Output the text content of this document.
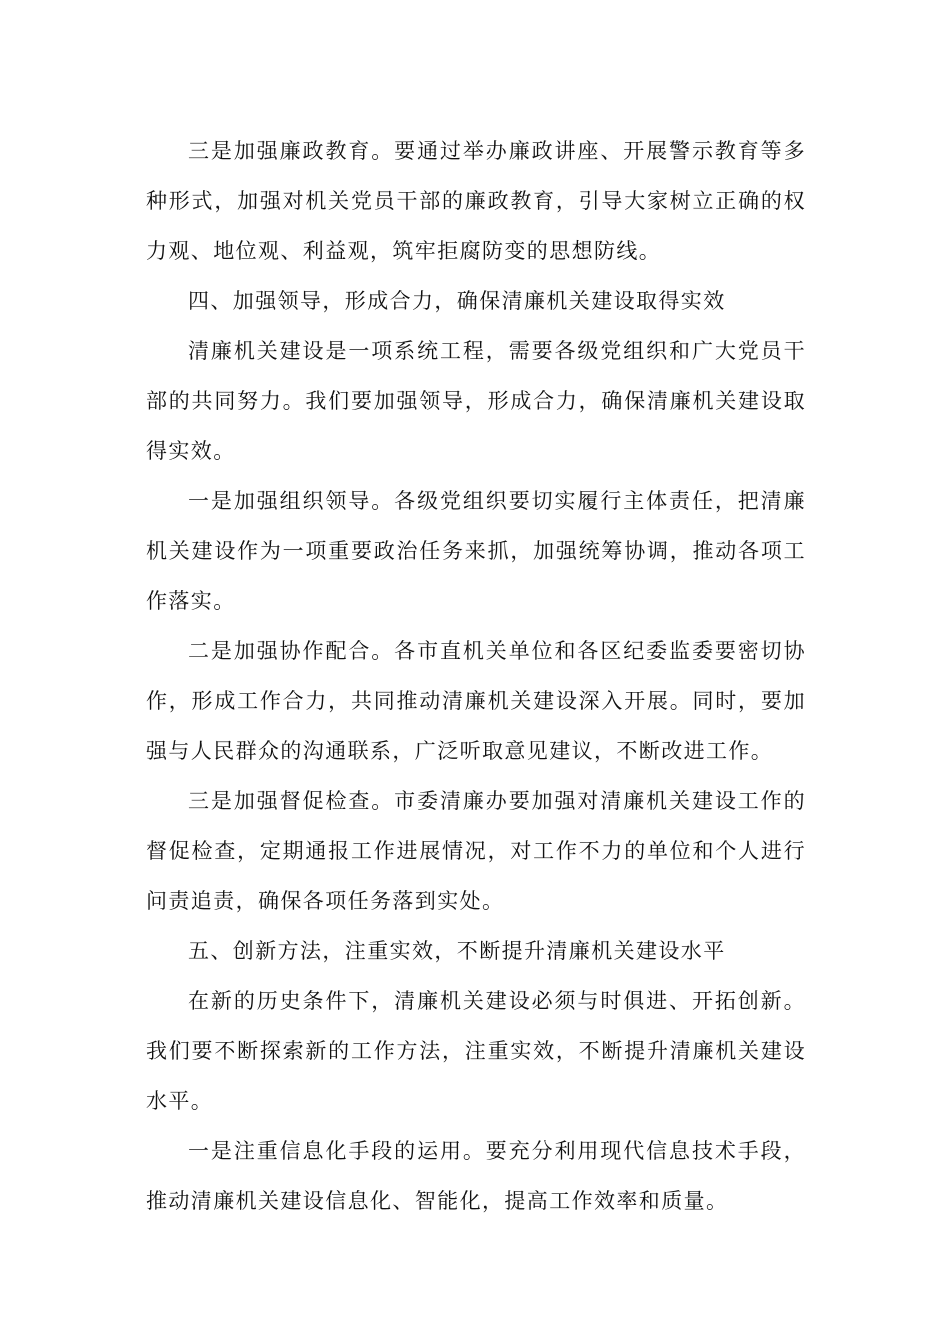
三是加强廉政教育。要通过举办廉政讲座、开展警示教育等多种形式，加强对机关党员干部的廉政教育，引导大家树立正确的权力观、地位观、利益观，筑牢拒腐防变的思想防线。

四、加强领导，形成合力，确保清廉机关建设取得实效

清廉机关建设是一项系统工程，需要各级党组织和广大党员干部的共同努力。我们要加强领导，形成合力，确保清廉机关建设取得实效。

一是加强组织领导。各级党组织要切实履行主体责任，把清廉机关建设作为一项重要政治任务来抓，加强统筹协调，推动各项工作落实。

二是加强协作配合。各市直机关单位和各区纪委监委要密切协作，形成工作合力，共同推动清廉机关建设深入开展。同时，要加强与人民群众的沟通联系，广泛听取意见建议，不断改进工作。

三是加强督促检查。市委清廉办要加强对清廉机关建设工作的督促检查，定期通报工作进展情况，对工作不力的单位和个人进行问责追责，确保各项任务落到实处。

五、创新方法，注重实效，不断提升清廉机关建设水平

在新的历史条件下，清廉机关建设必须与时俱进、开拓创新。我们要不断探索新的工作方法，注重实效，不断提升清廉机关建设水平。

一是注重信息化手段的运用。要充分利用现代信息技术手段，推动清廉机关建设信息化、智能化，提高工作效率和质量。
